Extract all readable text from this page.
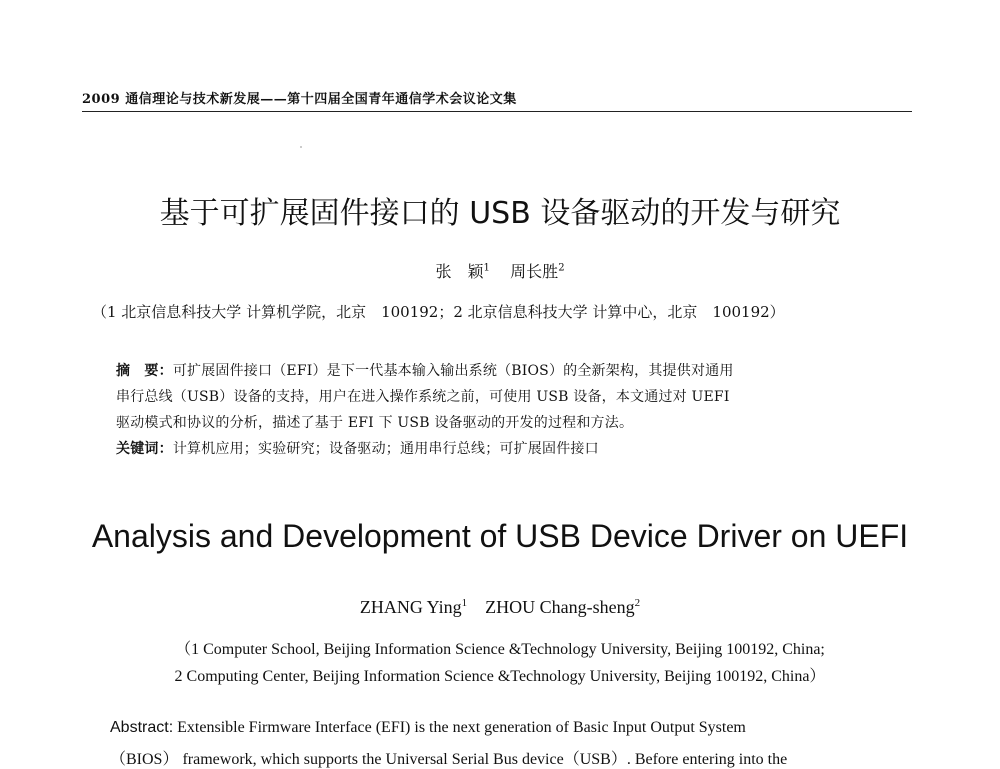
2009 通信理论与技术新发展——第十四届全国青年通信学术会议论文集
基于可扩展固件接口的 USB 设备驱动的开发与研究
张　颖$^1$ 周长胜$^2$
（1 北京信息科技大学 计算机学院，北京　100192；2 北京信息科技大学 计算中心，北京　100192）
摘　要：可扩展固件接口（EFI）是下一代基本输入输出系统（BIOS）的全新架构，其提供对通用
串行总线（USB）设备的支持，用户在进入操作系统之前，可使用 USB 设备，本文通过对 UEFI
驱动模式和协议的分析，描述了基于 EFI 下 USB 设备驱动的开发的过程和方法。
关键词：计算机应用；实验研究；设备驱动；通用串行总线；可扩展固件接口
Analysis and Development of USB Device Driver on UEFI
ZHANG Ying$^1$ ZHOU Chang-sheng$^2$
（1 Computer School, Beijing Information Science &Technology University, Beijing 100192, China;
2 Computing Center, Beijing Information Science &Technology University, Beijing 100192, China）
Abstract: Extensible Firmware Interface (EFI) is the next generation of Basic Input Output System
（BIOS） framework, which supports the Universal Serial Bus device（USB）. Before entering into the
